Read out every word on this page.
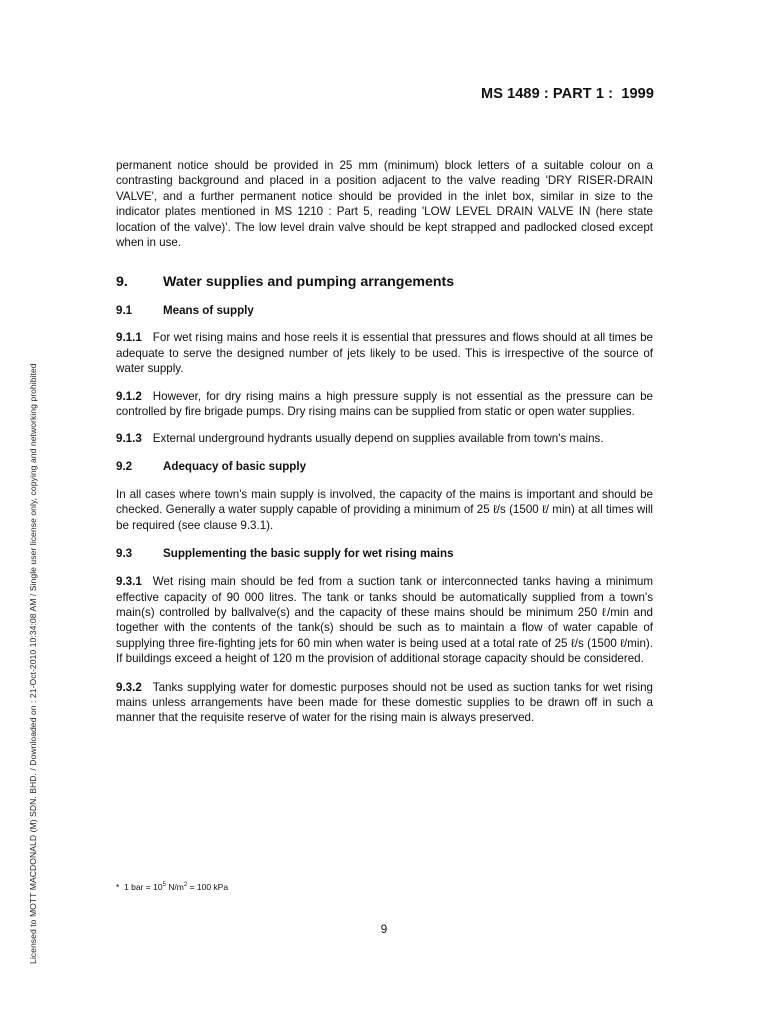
MS 1489 : PART 1 :  1999
Licensed to MOTT MACDONALD (M) SDN. BHD. / Downloaded on : 21-Oct-2010 10:34:08 AM / Single user license only, copying and networking prohibited

permanent notice should be provided in 25 mm (minimum) block letters of a suitable colour on a contrasting background and placed in a position adjacent to the valve reading 'DRY RISER-DRAIN VALVE', and a further permanent notice should be provided in the inlet box, similar in size to the indicator plates mentioned in MS 1210 : Part 5, reading 'LOW LEVEL DRAIN VALVE IN (here state location of the valve)'. The low level drain valve should be kept strapped and padlocked closed except when in use.

9.	Water supplies and pumping arrangements
9.1	Means of supply

9.1.1 For wet rising mains and hose reels it is essential that pressures and flows should at all times be adequate to serve the designed number of jets likely to be used. This is irrespective of the source of water supply.

9.1.2 However, for dry rising mains a high pressure supply is not essential as the pressure can be controlled by fire brigade pumps. Dry rising mains can be supplied from static or open water supplies.

9.1.3 External underground hydrants usually depend on supplies available from town's mains.

9.2	Adequacy of basic supply

In all cases where town's main supply is involved, the capacity of the mains is important and should be checked. Generally a water supply capable of providing a minimum of 25 ℓ/s (1500 ℓ/ min) at all times will be required (see clause 9.3.1).

9.3	Supplementing the basic supply for wet rising mains

9.3.1 Wet rising main should be fed from a suction tank or interconnected tanks having a minimum effective capacity of 90 000 litres. The tank or tanks should be automatically supplied from a town's main(s) controlled by ballvalve(s) and the capacity of these mains should be minimum 250 ℓ/min and together with the contents of the tank(s) should be such as to maintain a flow of water capable of supplying three fire-fighting jets for 60 min when water is being used at a total rate of 25 ℓ/s (1500 ℓ/min). If buildings exceed a height of 120 m the provision of additional storage capacity should be considered.

9.3.2 Tanks supplying water for domestic purposes should not be used as suction tanks for wet rising mains unless arrangements have been made for these domestic supplies to be drawn off in such a manner that the requisite reserve of water for the rising main is always preserved.

* 1 bar = $10^5$ $N/m^2 = 100$ kPa
9
